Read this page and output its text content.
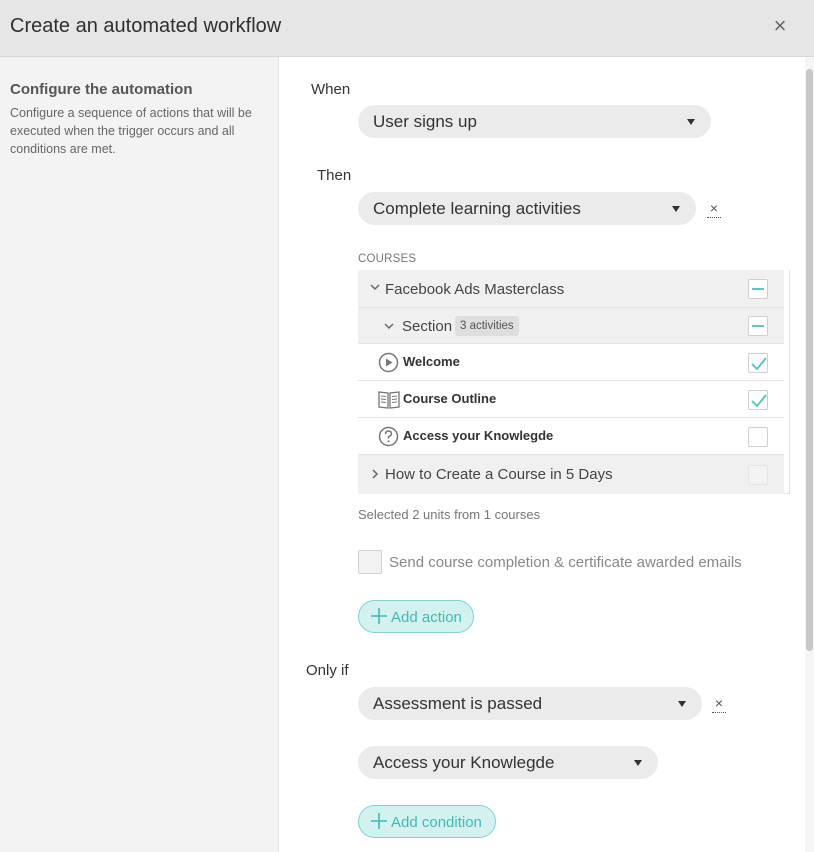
Create an automated workflow	×
Configure the automation
Configure a sequence of actions that will be executed when the trigger occurs and all conditions are met.
When
User signs up
Then
Complete learning activities	×
COURSES
Facebook Ads Masterclass
Section 3 activities
Welcome
Course Outline
Access your Knowlegde
How to Create a Course in 5 Days
Selected 2 units from 1 courses
Send course completion & certificate awarded emails
Add action
Only if
Assessment is passed	×
Access your Knowlegde
Add condition
